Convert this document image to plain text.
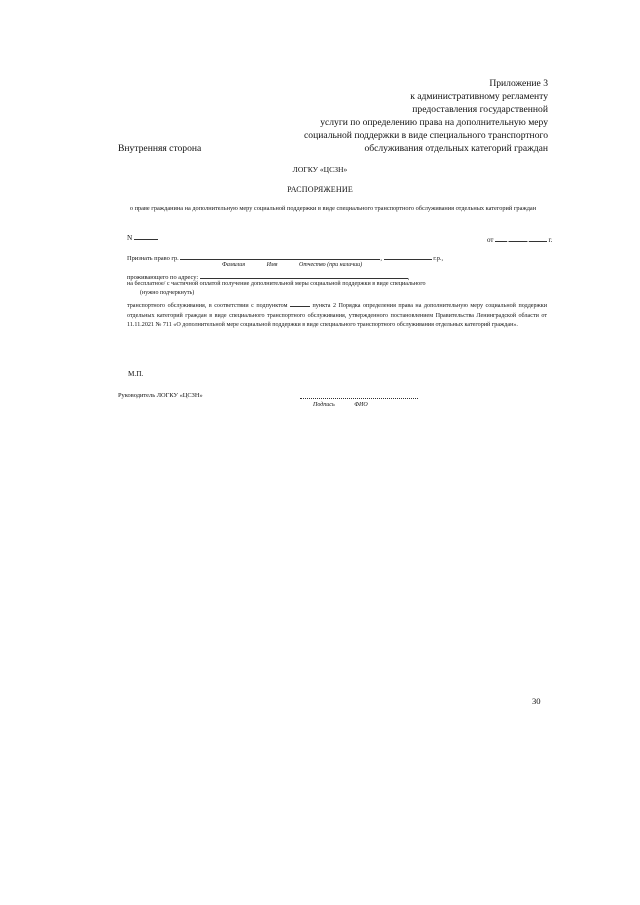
Приложение 3
к административному регламенту
предоставления государственной
услуги по определению права на дополнительную меру
социальной поддержки в виде специального транспортного
обслуживания отдельных категорий граждан
Внутренняя сторона
ЛОГКУ «ЦСЗН»
РАСПОРЯЖЕНИЕ
о праве гражданина на дополнительную меру социальной поддержки в виде специального транспортного обслуживания отдельных категорий граждан
N	от .	.	г.
Признать право гр.	,	г.р.,
Фамилия	Имя	Отчество (при наличии)
проживающего по адресу:	,
на бесплатное/ с частичной оплатой получение дополнительной меры социальной поддержки в виде специального
(нужно подчеркнуть)
транспортного обслуживания, в соответствии с подпунктом	пункта 2 Порядка определения права на дополнительную меру социальной поддержки отдельных категорий граждан в виде специального транспортного обслуживания, утвержденного постановлением Правительства Ленинградской области от 11.11.2021 № 711 «О дополнительной мере социальной поддержки в виде специального транспортного обслуживания отдельных категорий граждан».
М.П.
Руководитель ЛОГКУ «ЦСЗН»
Подпись	ФИО
30
